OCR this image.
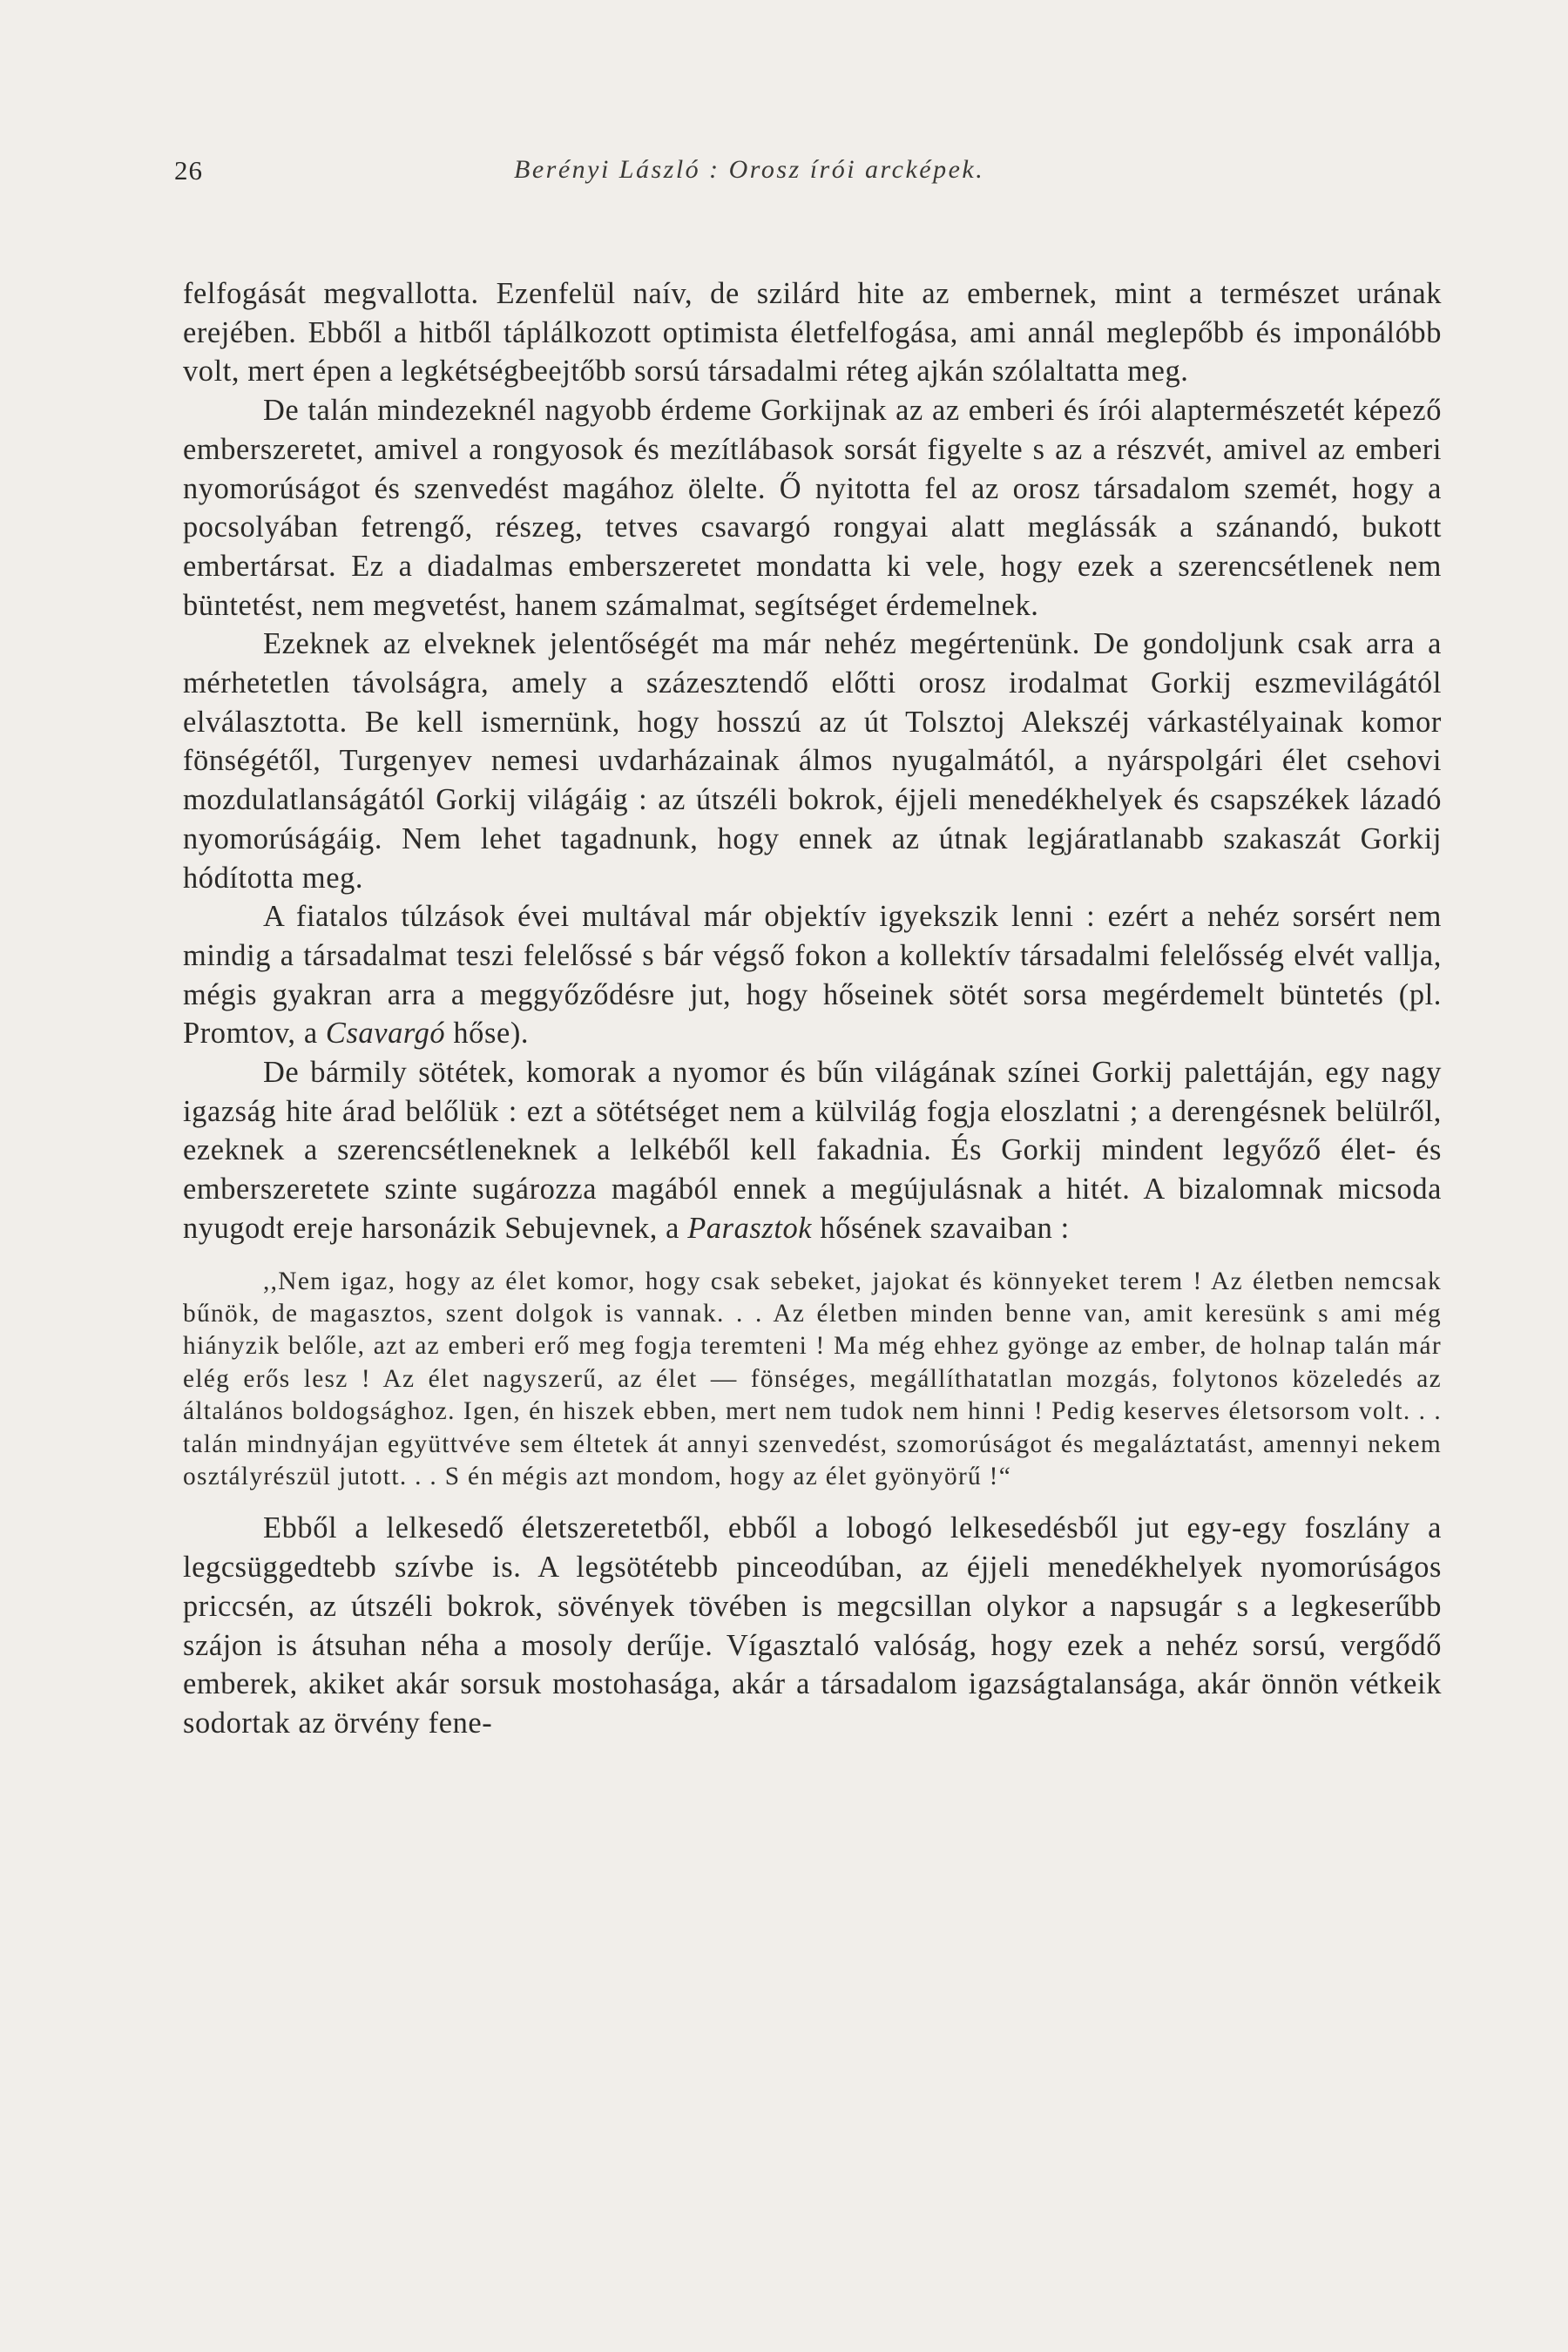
26	Berényi László : Orosz írói arcképek.

felfogását megvallotta. Ezenfelül naív, de szilárd hite az embernek, mint a természet urának erejében. Ebből a hitből táplálkozott optimista életfelfogása, ami annál meglepőbb és imponálóbb volt, mert épen a legkétségbeejtőbb sorsú társadalmi réteg ajkán szólaltatta meg.

De talán mindezeknél nagyobb érdeme Gorkijnak az az emberi és írói alaptermészetét képező emberszeretet, amivel a rongyosok és mezítlábasok sorsát figyelte s az a részvét, amivel az emberi nyomorúságot és szenvedést magához ölelte. Ő nyitotta fel az orosz társadalom szemét, hogy a pocsolyában fetrengő, részeg, tetves csavargó rongyai alatt meglássák a szánandó, bukott embertársat. Ez a diadalmas emberszeretet mondatta ki vele, hogy ezek a szerencsétlenek nem büntetést, nem megvetést, hanem számalmat, segítséget érdemelnek.

Ezeknek az elveknek jelentőségét ma már nehéz megértenünk. De gondoljunk csak arra a mérhetetlen távolságra, amely a százesztendő előtti orosz irodalmat Gorkij eszmevilágától elválasztotta. Be kell ismernünk, hogy hosszú az út Tolsztoj Alekszéj várkastélyainak komor fönségétől, Turgenyev nemesi uvdarházainak álmos nyugalmától, a nyárspolgári élet csehovi mozdulatlanságától Gorkij világáig : az útszéli bokrok, éjjeli menedékhelyek és csapszékek lázadó nyomorúságáig. Nem lehet tagadnunk, hogy ennek az útnak legjáratlanabb szakaszát Gorkij hódította meg.

A fiatalos túlzások évei multával már objektív igyekszik lenni : ezért a nehéz sorsért nem mindig a társadalmat teszi felelőssé s bár végső fokon a kollektív társadalmi felelősség elvét vallja, mégis gyakran arra a meggyőződésre jut, hogy hőseinek sötét sorsa megérdemelt büntetés (pl. Promtov, a Csavargó hőse).

De bármily sötétek, komorak a nyomor és bűn világának színei Gorkij palettáján, egy nagy igazság hite árad belőlük : ezt a sötétséget nem a külvilág fogja eloszlatni ; a derengésnek belülről, ezeknek a szerencsétleneknek a lelkéből kell fakadnia. És Gorkij mindent legyőző élet- és emberszeretete szinte sugározza magából ennek a megújulásnak a hitét. A bizalomnak micsoda nyugodt ereje harsonázik Sebujevnek, a Parasztok hősének szavaiban :

,,Nem igaz, hogy az élet komor, hogy csak sebeket, jajokat és könnyeket terem ! Az életben nemcsak bűnök, de magasztos, szent dolgok is vannak. . . Az életben minden benne van, amit keresünk s ami még hiányzik belőle, azt az emberi erő meg fogja teremteni ! Ma még ehhez gyönge az ember, de holnap talán már elég erős lesz ! Az élet nagyszerű, az élet — fönséges, megállíthatatlan mozgás, folytonos közeledés az általános boldogsághoz. Igen, én hiszek ebben, mert nem tudok nem hinni ! Pedig keserves életsorsom volt. . . talán mindnyájan együttvéve sem éltetek át annyi szenvedést, szomorúságot és megaláztatást, amennyi nekem osztályrészül jutott. . . S én mégis azt mondom, hogy az élet gyönyörű !“

Ebből a lelkesedő életszeretetből, ebből a lobogó lelkesedésből jut egy-egy foszlány a legcsüggedtebb szívbe is. A legsötétebb pinceodúban, az éjjeli menedékhelyek nyomorúságos priccsén, az útszéli bokrok, sövények tövében is megcsillan olykor a napsugár s a legkeserűbb szájon is átsuhan néha a mosoly derűje. Vígasztaló valóság, hogy ezek a nehéz sorsú, vergődő emberek, akiket akár sorsuk mostohasága, akár a társadalom igazságtalansága, akár önnön vétkeik sodortak az örvény fene-
